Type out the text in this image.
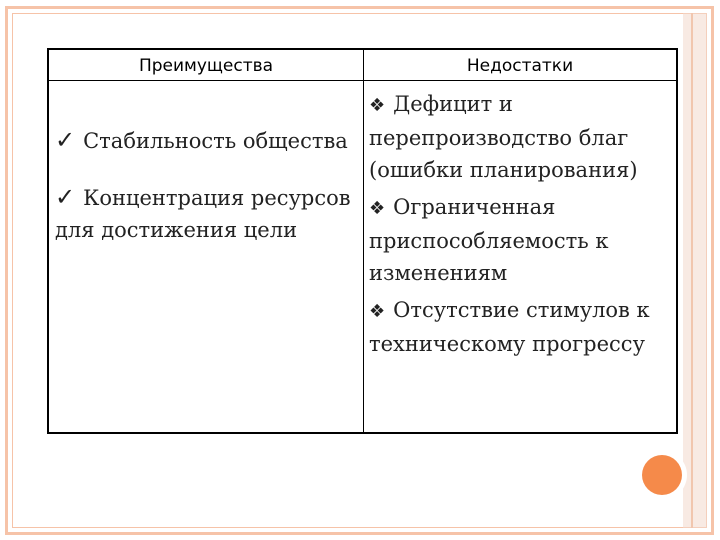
Преимущества	Недостатки
✓ Стабильность общества
✓ Концентрация ресурсов для достижения цели
❖ Дефицит и перепроизводство благ (ошибки планирования)
❖ Ограниченная приспособляемость к изменениям
❖ Отсутствие стимулов к техническому прогрессу
